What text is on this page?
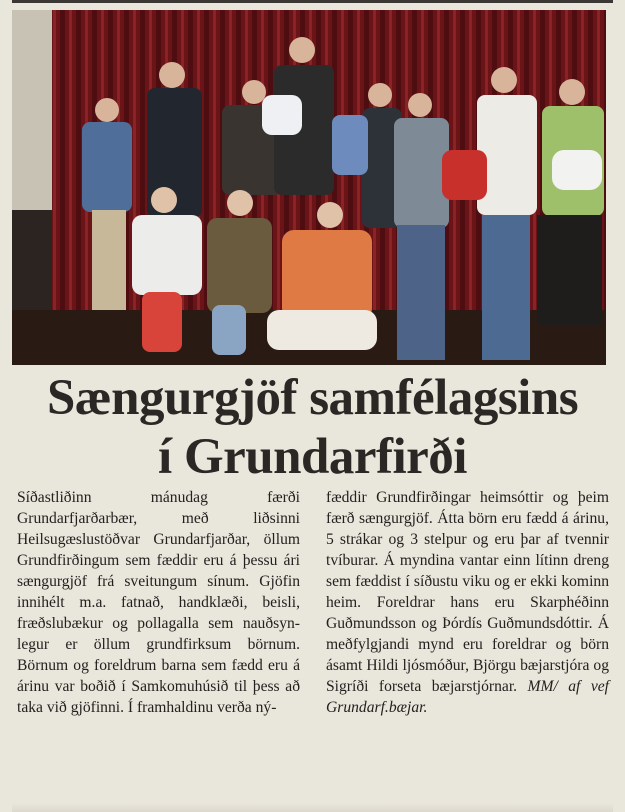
Sængurgjöf samfélagsins
í Grundarfirði

Síðastliðinn mánudag færði Grundarfjarðarbær, með liðsinni Heilsugæslustöðvar Grundarfjarðar, öllum Grundfirðingum sem fæddir eru á þessu ári sængurgjöf frá sveitungum sínum. Gjöfin innihélt m.a. fatnað, handklæði, beisli, fræðslubækur og pollagalla sem nauðsynlegur er öllum grundfirksum börnum. Börnum og foreldrum barna sem fædd eru á árinu var boðið í Samkomuhúsið til þess að taka við gjöfinni. Í framhaldinu verða ný-

fæddir Grundfirðingar heimsóttir og þeim færð sængurgjöf. Átta börn eru fædd á árinu, 5 strákar og 3 stelpur og eru þar af tvennir tvíburar. Á myndina vantar einn lítinn dreng sem fæddist í síðustu viku og er ekki kominn heim. Foreldrar hans eru Skarphéðinn Guðmundsson og Þórdís Guðmundsdóttir. Á meðfylgjandi mynd eru foreldrar og börn ásamt Hildi ljósmóður, Björgu bæjarstjóra og Sigríði forseta bæjarstjórnar. MM/ af vef Grundarf.bæjar.
